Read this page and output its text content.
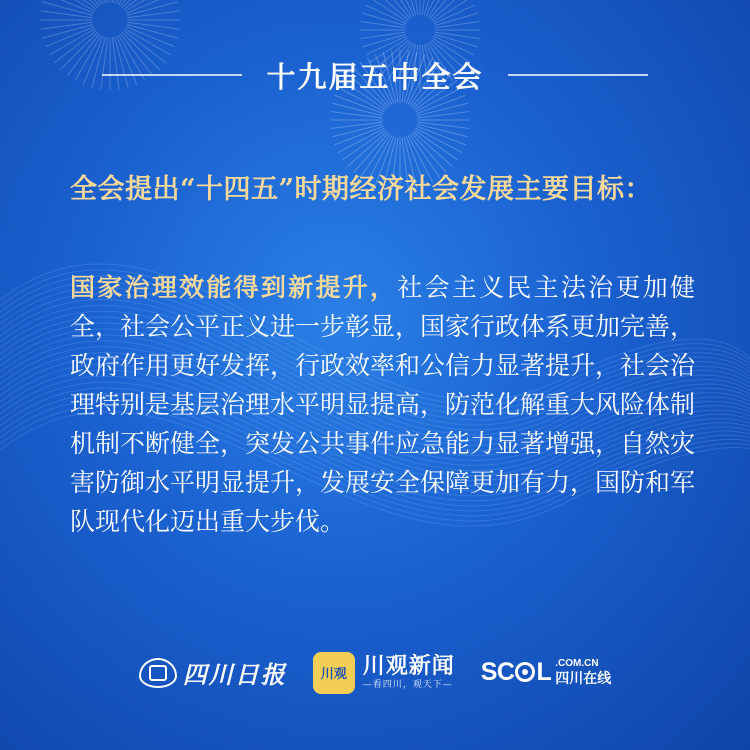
十九届五中全会
全会提出“十四五”时期经济社会发展主要目标：
国家治理效能得到新提升，社会主义民主法治更加健全，社会公平正义进一步彰显，国家行政体系更加完善，政府作用更好发挥，行政效率和公信力显著提升，社会治理特别是基层治理水平明显提高，防范化解重大风险体制机制不断健全，突发公共事件应急能力显著增强，自然灾害防御水平明显提升，发展安全保障更加有力，国防和军队现代化迈出重大步伐。
四川日报	川观 川观新闻
—看四川，观天下— SC L .COM.CN
四川在线
